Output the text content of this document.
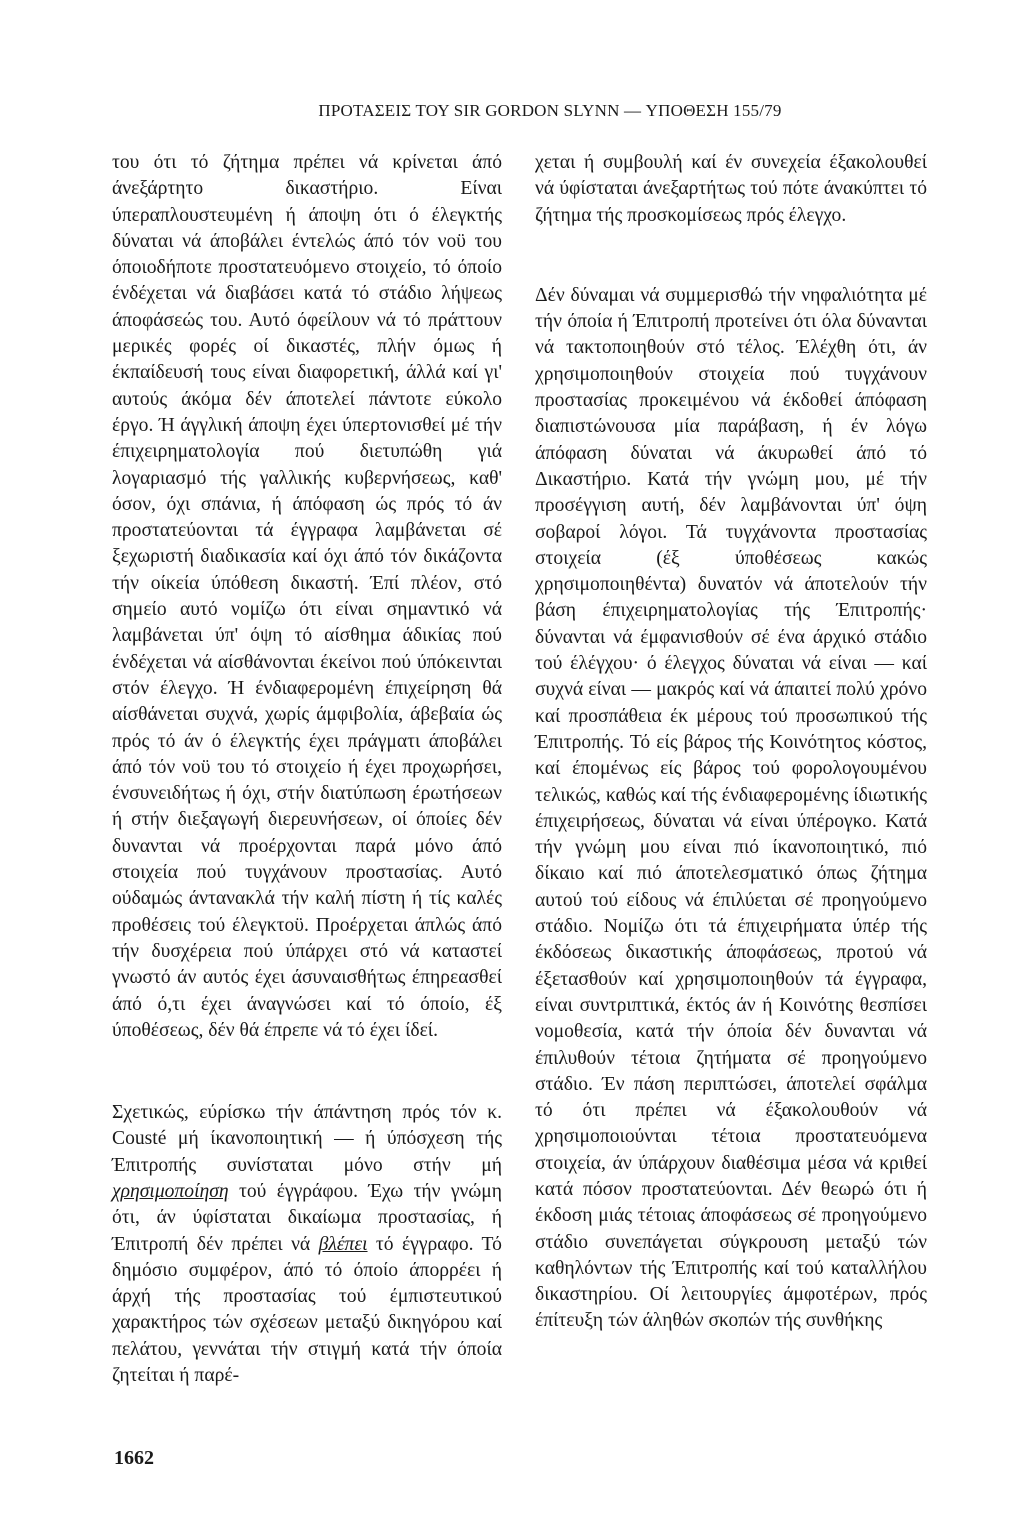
ΠΡΟΤΑΣΕΙΣ ΤΟΥ SIR GORDON SLYNN — ΥΠΟΘΕΣΗ 155/79

του ότι τό ζήτημα πρέπει νά κρίνεται άπό άνεξάρτητο δικαστήριο. Είναι ύπεραπλουστευμένη ή άποψη ότι ό έλεγκτής δύναται νά άποβάλει έντελώς άπό τόν νοϋ του όποιοδήποτε προστατευόμενο στοιχείο, τό όποίο ένδέχεται νά διαβάσει κατά τό στάδιο λήψεως άποφάσεώς του. Αυτό όφείλουν νά τό πράττουν μερικές φορές οί δικαστές, πλήν όμως ή έκπαίδευσή τους είναι διαφορετική, άλλά καί γι' αυτούς άκόμα δέν άποτελεί πάντοτε εύκολο έργο. Ή άγγλική άποψη έχει ύπερτονισθεί μέ τήν έπιχειρηματολογία πού διετυπώθη γιά λογαριασμό τής γαλλικής κυβερνήσεως, καθ' όσον, όχι σπάνια, ή άπόφαση ώς πρός τό άν προστατεύονται τά έγγραφα λαμβάνεται σέ ξεχωριστή διαδικασία καί όχι άπό τόν δικάζοντα τήν οίκεία ύπόθεση δικαστή. Έπί πλέον, στό σημείο αυτό νομίζω ότι είναι σημαντικό νά λαμβάνεται ύπ' όψη τό αίσθημα άδικίας πού ένδέχεται νά αίσθάνονται έκείνοι πού ύπόκεινται στόν έλεγχο. Ή ένδιαφερομένη έπιχείρηση θά αίσθάνεται συχνά, χωρίς άμφιβολία, άβεβαία ώς πρός τό άν ό έλεγκτής έχει πράγματι άποβάλει άπό τόν νοϋ του τό στοιχείο ή έχει προχωρήσει, ένσυνειδήτως ή όχι, στήν διατύπωση έρωτήσεων ή στήν διεξαγωγή διερευνήσεων, οί όποίες δέν δυνανται νά προέρχονται παρά μόνο άπό στοιχεία πού τυγχάνουν προστασίας. Αυτό ούδαμώς άντανακλά τήν καλή πίστη ή τίς καλές προθέσεις τού έλεγκτοϋ. Προέρχεται άπλώς άπό τήν δυσχέρεια πού ύπάρχει στό νά καταστεί γνωστό άν αυτός έχει άσυναισθήτως έπηρεασθεί άπό ό,τι έχει άναγνώσει καί τό όποίο, έξ ύποθέσεως, δέν θά έπρεπε νά τό έχει ίδεί.

Σχετικώς, εύρίσκω τήν άπάντηση πρός τόν κ. Cousté μή ίκανοποιητική — ή ύπόσχεση τής Έπιτροπής συνίσταται μόνο στήν μή χρησιμοποίηση τού έγγράφου. Έχω τήν γνώμη ότι, άν ύφίσταται δικαίωμα προστασίας, ή Έπιτροπή δέν πρέπει νά βλέπει τό έγγραφο. Τό δημόσιο συμφέρον, άπό τό όποίο άπορρέει ή άρχή τής προστασίας τού έμπιστευτικού χαρακτήρος τών σχέσεων μεταξύ δικηγόρου καί πελάτου, γεννάται τήν στιγμή κατά τήν όποία ζητείται ή παρέ-

χεται ή συμβουλή καί έν συνεχεία έξακολουθεί νά ύφίσταται άνεξαρτήτως τού πότε άνακύπτει τό ζήτημα τής προσκομίσεως πρός έλεγχο.

Δέν δύναμαι νά συμμερισθώ τήν νηφαλιότητα μέ τήν όποία ή Έπιτροπή προτείνει ότι όλα δύνανται νά τακτοποιηθούν στό τέλος. Έλέχθη ότι, άν χρησιμοποιηθούν στοιχεία πού τυγχάνουν προστασίας προκειμένου νά έκδοθεί άπόφαση διαπιστώνουσα μία παράβαση, ή έν λόγω άπόφαση δύναται νά άκυρωθεί άπό τό Δικαστήριο. Κατά τήν γνώμη μου, μέ τήν προσέγγιση αυτή, δέν λαμβάνονται ύπ' όψη σοβαροί λόγοι. Τά τυγχάνοντα προστασίας στοιχεία (έξ ύποθέσεως κακώς χρησιμοποιηθέντα) δυνατόν νά άποτελούν τήν βάση έπιχειρηματολογίας τής Έπιτροπής· δύνανται νά έμφανισθούν σέ ένα άρχικό στάδιο τού έλέγχου· ό έλεγχος δύναται νά είναι — καί συχνά είναι — μακρός καί νά άπαιτεί πολύ χρόνο καί προσπάθεια έκ μέρους τού προσωπικού τής Έπιτροπής. Τό είς βάρος τής Κοινότητος κόστος, καί έπομένως είς βάρος τού φορολογουμένου τελικώς, καθώς καί τής ένδιαφερομένης ίδιωτικής έπιχειρήσεως, δύναται νά είναι ύπέρογκο. Κατά τήν γνώμη μου είναι πιό ίκανοποιητικό, πιό δίκαιο καί πιό άποτελεσματικό όπως ζήτημα αυτού τού είδους νά έπιλύεται σέ προηγούμενο στάδιο. Νομίζω ότι τά έπιχειρήματα ύπέρ τής έκδόσεως δικαστικής άποφάσεως, προτού νά έξετασθούν καί χρησιμοποιηθούν τά έγγραφα, είναι συντριπτικά, έκτός άν ή Κοινότης θεσπίσει νομοθεσία, κατά τήν όποία δέν δυνανται νά έπιλυθούν τέτοια ζητήματα σέ προηγούμενο στάδιο. Έν πάση περιπτώσει, άποτελεί σφάλμα τό ότι πρέπει νά έξακολουθούν νά χρησιμοποιούνται τέτοια προστατευόμενα στοιχεία, άν ύπάρχουν διαθέσιμα μέσα νά κριθεί κατά πόσον προστατεύονται. Δέν θεωρώ ότι ή έκδοση μιάς τέτοιας άποφάσεως σέ προηγούμενο στάδιο συνεπάγεται σύγκρουση μεταξύ τών καθηλόντων τής Έπιτροπής καί τού καταλλήλου δικαστηρίου. Οί λειτουργίες άμφοτέρων, πρός έπίτευξη τών άληθών σκοπών τής συνθήκης

1662
